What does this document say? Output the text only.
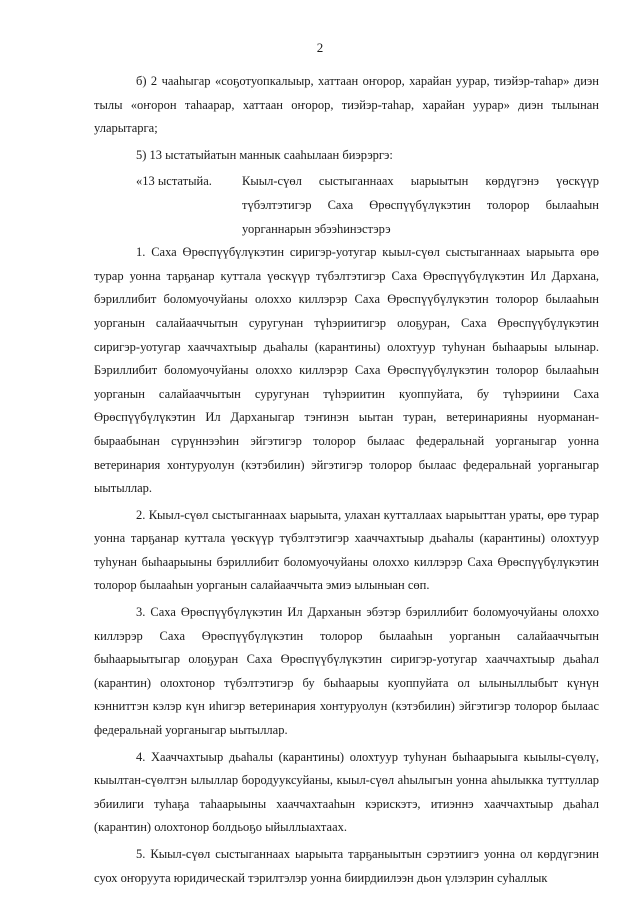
2

б) 2 чааһыгар «соҕотуопкалыыр, хаттаан оҥорор, харайан уурар, тиэйэр-таһар» диэн тылы «оҥорон таһаарар, хаттаан оҥорор, тиэйэр-таһар, харайан уурар» диэн тылынан уларытарга;

5) 13 ыстатыйатын маннык сааһылаан биэрэргэ:

«13 ыстатыйа.	Кыыл-сүөл сыстыганнаах ыарыытын көрдүгэнэ үөскүүр түбэлтэтигэр Саха Өрөспүүбүлүкэтин толорор былааһын уорганнарын эбээһинэстэрэ

1. Саха Өрөспүүбүлүкэтин сиригэр-уотугар кыыл-сүөл сыстыганнаах ыарыыта өрө турар уонна тарҕанар куттала үөскүүр түбэлтэтигэр Саха Өрөспүүбүлүкэтин Ил Дархана, бэриллибит боломуочуйаны олоххо киллэрэр Саха Өрөспүүбүлүкэтин толорор былааһын уорганын салайааччытын суругунан түһэриитигэр олоҕуран, Саха Өрөспүүбүлүкэтин сиригэр-уотугар хааччахтыыр дьаһалы (карантины) олохтуур туһунан быһаарыы ылынар. Бэриллибит боломуочуйаны олоххо киллэрэр Саха Өрөспүүбүлүкэтин толорор былааһын уорганын салайааччытын суругунан түһэриитин куоппуйата, бу түһэриини Саха Өрөспүүбүлүкэтин Ил Дарханыгар тэҥинэн ыытан туран, ветеринарияны нуорманан-быраабынан сүрүннээһин эйгэтигэр толорор былаас федеральнай уорганыгар уонна ветеринария хонтуруолун (кэтэбилин) эйгэтигэр толорор былаас федеральнай уорганыгар ыытыллар.

2. Кыыл-сүөл сыстыганнаах ыарыыта, улахан кутталлаах ыарыыттан ураты, өрө турар уонна тарҕанар куттала үөскүүр түбэлтэтигэр хааччахтыыр дьаһалы (карантины) олохтуур туһунан быһаарыыны бэриллибит боломуочуйаны олоххо киллэрэр Саха Өрөспүүбүлүкэтин толорор былааһын уорганын салайааччыта эмиэ ылыныан сөп.

3. Саха Өрөспүүбүлүкэтин Ил Дарханын эбэтэр бэриллибит боломуочуйаны олоххо киллэрэр Саха Өрөспүүбүлүкэтин толорор былааһын уорганын салайааччытын быһаарыытыгар олоҕуран Саха Өрөспүүбүлүкэтин сиригэр-уотугар хааччахтыыр дьаһал (карантин) олохтонор түбэлтэтигэр бу быһаарыы куоппуйата ол ылыныллыбыт күнүн кэнниттэн кэлэр күн иһигэр ветеринария хонтуруолун (кэтэбилин) эйгэтигэр толорор былаас федеральнай уорганыгар ыытыллар.

4. Хааччахтыыр дьаһалы (карантины) олохтуур туһунан быһаарыыга кыылы-сүөлү, кыылтан-сүөлтэн ылыллар бородууксуйаны, кыыл-сүөл аһылыгын уонна аһылыкка туттуллар эбиилиги туһаҕа таһаарыыны хааччахтааһын кэрискэтэ, итиэннэ хааччахтыыр дьаһал (карантин) олохтонор болдьоҕо ыйыллыахтаах.

5. Кыыл-сүөл сыстыганнаах ыарыыта тарҕаныытын сэрэтиигэ уонна ол көрдүгэнин суох оҥоруута юридическай тэрилтэлэр уонна биирдиилээн дьон үлэлэрин суһаллык
